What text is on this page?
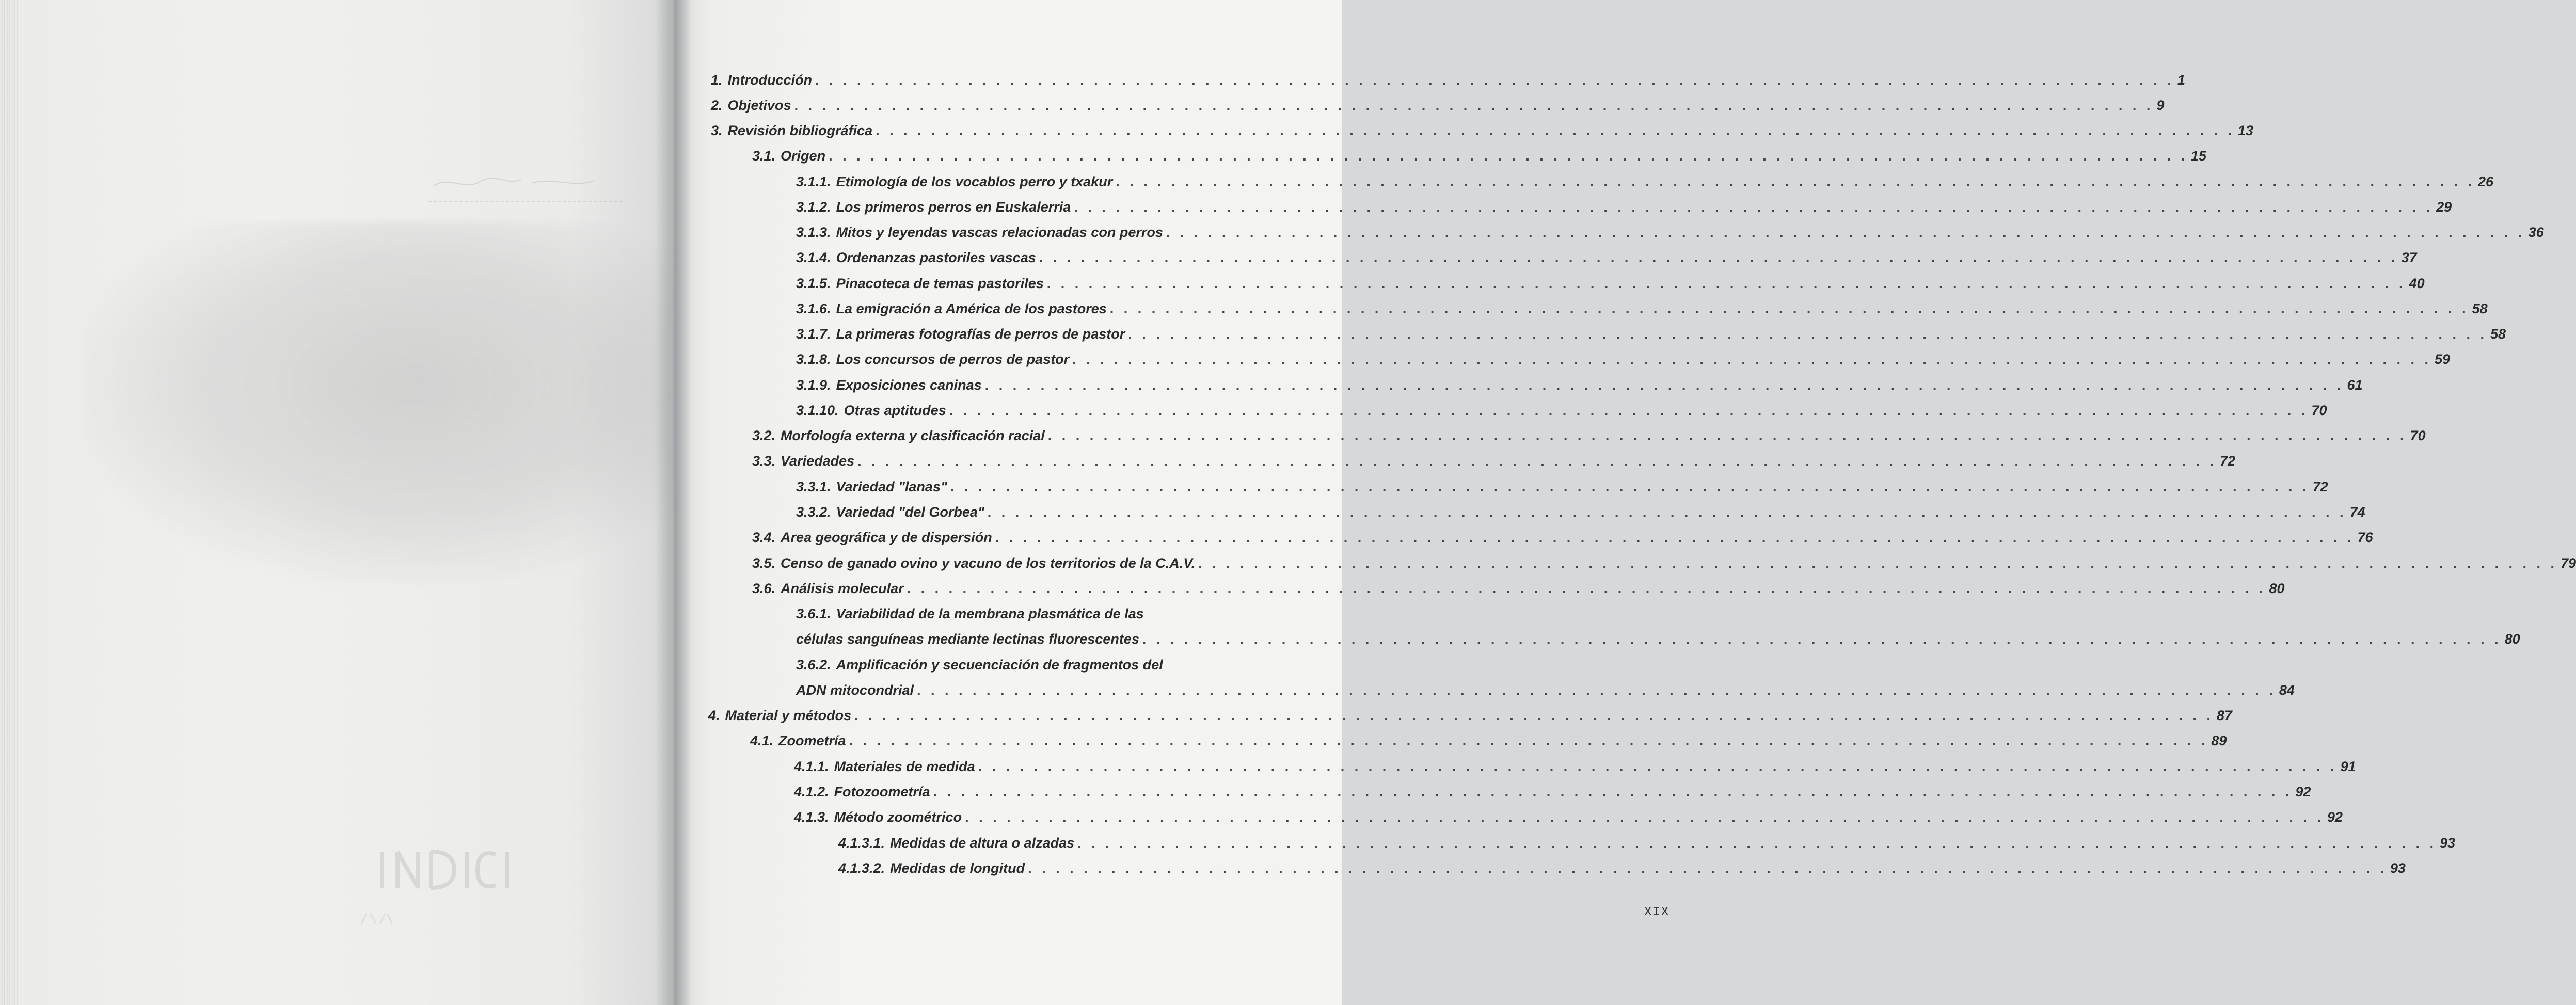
1. Introducción . . .	1
2. Objetivos . . .	9
3. Revisión bibliográfica . . .	13
3.1. Origen . . .	15
3.1.1. Etimología de los vocablos perro y txakur . . .	26
3.1.2. Los primeros perros en Euskalerria . . .	29
3.1.3. Mitos y leyendas vascas relacionadas con perros . . .	36
3.1.4. Ordenanzas pastoriles vascas . . .	37
3.1.5. Pinacoteca de temas pastoriles . . .	40
3.1.6. La emigración a América de los pastores . . .	58
3.1.7. La primeras fotografías de perros de pastor . . .	58
3.1.8. Los concursos de perros de pastor . . .	59
3.1.9. Exposiciones caninas . . .	61
3.1.10. Otras aptitudes . . .	70
3.2. Morfología externa y clasificación racial . . .	70
3.3. Variedades . . .	72
3.3.1. Variedad "lanas" . . .	72
3.3.2. Variedad "del Gorbea" . . .	74
3.4. Area geográfica y de dispersión . . .	76
3.5. Censo de ganado ovino y vacuno de los territorios de la C.A.V. . . .	79
3.6. Análisis molecular . . .	80
3.6.1. Variabilidad de la membrana plasmática de las
células sanguíneas mediante lectinas fluorescentes . . .	80
3.6.2. Amplificación y secuenciación de fragmentos del
ADN mitocondrial . . .	84
4. Material y métodos . . .	87
4.1. Zoometría . . .	89
4.1.1. Materiales de medida . . .	91
4.1.2. Fotozoometría . . .	92
4.1.3. Método zoométrico . . .	92
4.1.3.1. Medidas de altura o alzadas . . .	93
4.1.3.2. Medidas de longitud . . .	93
XIX
